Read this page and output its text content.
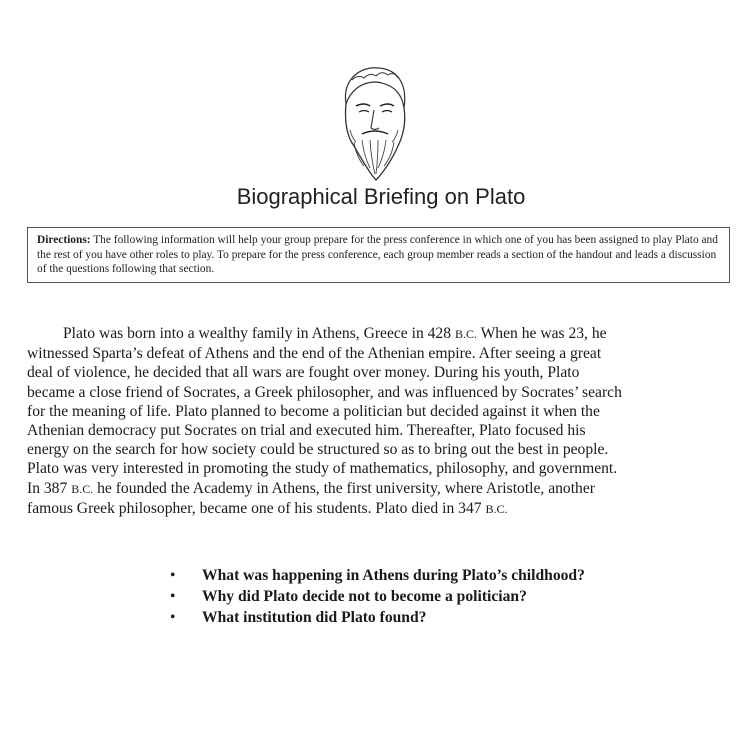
Biographical Briefing on Plato
Directions: The following information will help your group prepare for the press conference in which one of you has been assigned to play Plato and the rest of you have other roles to play. To prepare for the press conference, each group member reads a section of the handout and leads a discussion of the questions following that section.
Plato was born into a wealthy family in Athens, Greece in 428 B.C. When he was 23, he
witnessed Sparta’s defeat of Athens and the end of the Athenian empire. After seeing a great
deal of violence, he decided that all wars are fought over money. During his youth, Plato
became a close friend of Socrates, a Greek philosopher, and was influenced by Socrates’ search
for the meaning of life. Plato planned to become a politician but decided against it when the
Athenian democracy put Socrates on trial and executed him. Thereafter, Plato focused his
energy on the search for how society could be structured so as to bring out the best in people.
Plato was very interested in promoting the study of mathematics, philosophy, and government.
In 387 B.C. he founded the Academy in Athens, the first university, where Aristotle, another
famous Greek philosopher, became one of his students. Plato died in 347 B.C.
• What was happening in Athens during Plato’s childhood?
• Why did Plato decide not to become a politician?
• What institution did Plato found?
